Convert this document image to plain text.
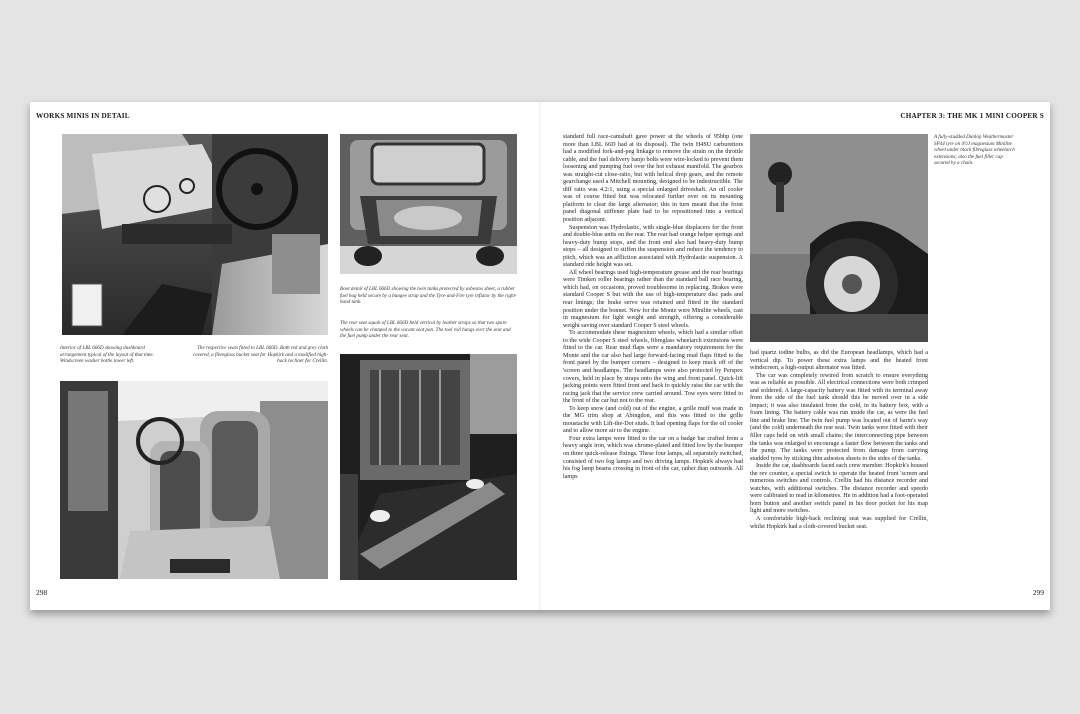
WORKS MINIS IN DETAIL
Boot detail of LBL 666D showing the twin tanks protected by asbestos sheet, a rubber fuel bag held secure by a bungee strap and the Tyre-and-Fire tyre inflator by the right-hand tank.
The rear seat squab of LBL 666D held vertical by leather straps so that two spare wheels can be clamped to the vacant seat pan. The tool roll hangs over the seat and the fuel pump under the rear seat.
Interior of LBL 666D showing dashboard arrangement typical of the layout of that time. Windscreen washer bottle lower left.
The respective seats fitted to LBL 666D. Both red and grey cloth covered, a fibreglass bucket seat for Hopkirk and a modified high-back recliner for Crellin.
298
CHAPTER 3: THE MK 1 MINI COOPER S

standard full race-camshaft gave power at the wheels of 95bhp (one more than LBL 66D had at its disposal). The twin H4SU carburettors had a modified fork-and-peg linkage to remove the strain on the throttle cable, and the fuel delivery banjo bolts were wire-locked to prevent them loosening and pumping fuel over the hot exhaust manifold. The gearbox was straight-cut close-ratio, but with helical drop gears, and the remote gearchange used a Mitchell mounting, designed to be indestructible. The diff ratio was 4.2:1, using a special enlarged driveshaft. An oil cooler was of course fitted but was relocated further over on its mounting platform to clear the large alternator; this in turn meant that the front panel diagonal stiffener plate had to be repositioned into a vertical position adjacent.

Suspension was Hydrolastic, with single-blue displacers for the front and double-blue units on the rear. The rear had orange helper springs and heavy-duty bump stops, and the front end also had heavy-duty bump stops – all designed to stiffen the suspension and reduce the tendency to pitch, which was an affliction associated with Hydrolastic suspension. A standard ride height was set.

All wheel bearings used high-temperature grease and the rear bearings were Timken roller bearings rather than the standard ball race bearing, which had, on occasions, proved troublesome in replacing. Brakes were standard Cooper S but with the use of high-temperature disc pads and rear linings; the brake servo was retained and fitted in the standard position under the bonnet. New for the Monte were Minilite wheels, cast in magnesium for light weight and strength, offering a considerable weight saving over standard Cooper S steel wheels.

To accommodate these magnesium wheels, which had a similar offset to the wide Cooper S steel wheels, fibreglass wheelarch extensions were fitted to the car. Rear mud flaps were a mandatory requirement for the Monte and the car also had large forward-facing mud flaps fitted to the front panel by the bumper corners – designed to keep muck off of the 'screen and headlamps. The headlamps were also protected by Perspex covers, held in place by straps onto the wing and front panel. Quick-lift jacking points were fitted front and back to quickly raise the car with the racing jack that the service crew carried around. Tow eyes were fitted to the front of the car but not to the rear.

To keep snow (and cold) out of the engine, a grille muff was made in the MG trim shop at Abingdon, and this was fitted to the grille moustache with Lift-the-Dot studs. It had opening flaps for the oil cooler and to allow more air to the engine.

Four extra lamps were fitted to the car on a badge bar crafted from a heavy angle iron, which was chrome-plated and fitted low by the bumper on three quick-release fixings. These four lamps, all separately switched, consisted of two fog lamps and two driving lamps. Hopkirk always had his fog lamp beams crossing in front of the car, rather than outwards. All lamps

A fully-studded Dunlop Weathermaster SP44 tyre on 4½J magnesium Minilite wheel under black fibreglass wheelarch extensions; also the fuel filler cap secured by a chain.

had quartz iodine bulbs, as did the European headlamps, which had a vertical dip. To power these extra lamps and the heated front windscreen, a high-output alternator was fitted.

The car was completely rewired from scratch to ensure everything was as reliable as possible. All electrical connections were both crimped and soldered. A large-capacity battery was fitted with its terminal away from the side of the fuel tank should this be moved over in a side impact; it was also insulated from the cold, in its battery box, with a foam lining. The battery cable was run inside the car, as were the fuel line and brake line. The twin fuel pump was located out of harm's way (and the cold) underneath the rear seat. Twin tanks were fitted with their filler caps held on with small chains; the interconnecting pipe between the tanks was enlarged to encourage a faster flow between the tanks and the pump. The tanks were protected from damage from carrying studded tyres by sticking thin asbestos sheets to the sides of the tanks.

Inside the car, dashboards faced each crew member. Hopkirk's housed the rev counter, a special switch to operate the heated front 'screen and numerous switches and controls. Crellin had his distance recorder and watches, with additional switches. The distance recorder and speedo were calibrated to read in kilometres. He in addition had a foot-operated horn button and another switch panel in his door pocket for his map light and more switches.

A comfortable high-back reclining seat was supplied for Crellin, whilst Hopkirk had a cloth-covered bucket seat.

299
